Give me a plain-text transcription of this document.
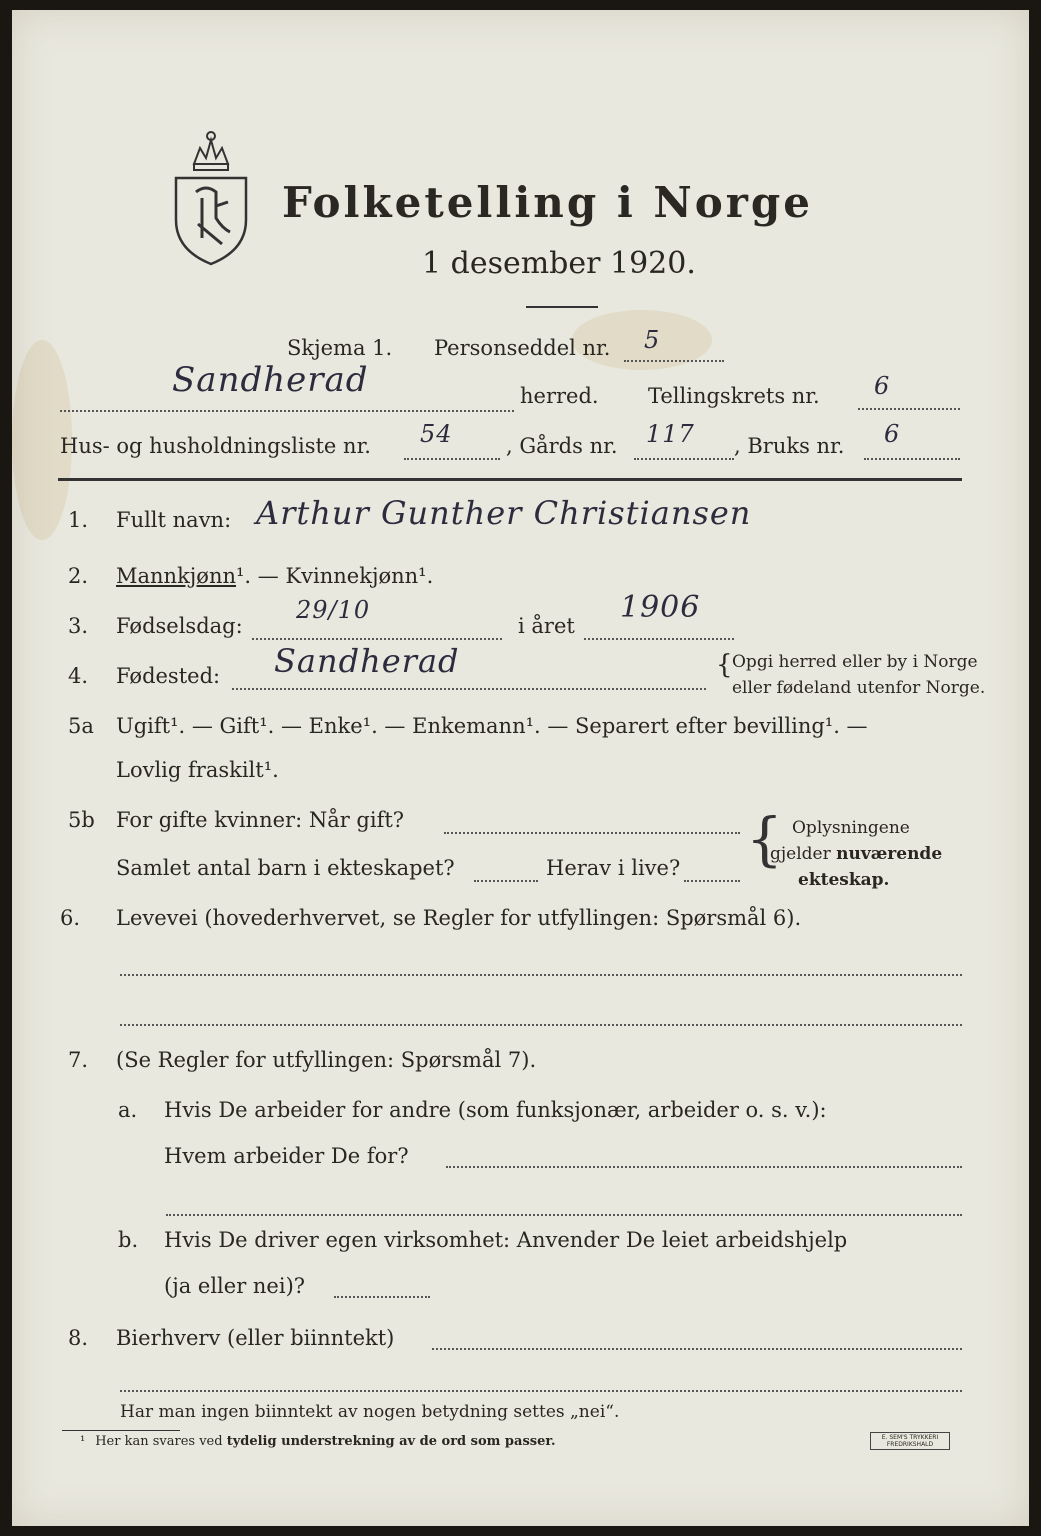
Folketelling i Norge
1 desember 1920.
Skjema 1. Personseddel nr. 5
Sandherad	herred. Tellingskrets nr. 6
Hus- og husholdningsliste nr. 54	, Gårds nr. 117 , Bruks nr. 6
1. Fullt navn: Arthur Gunther Christiansen
2. Mannkjønn¹. — Kvinnekjønn¹.
3. Fødselsdag:
29/10
i året
1906
4. Fødested: Sandherad	{ Opgi herred eller by i Norge
eller fødeland utenfor Norge.
5a Ugift¹. — Gift¹. — Enke¹. — Enkemann¹. — Separert efter bevilling¹. —
Lovlig fraskilt¹.
5b For gifte kvinner: Når gift?
Samlet antal barn i ekteskapet?	Herav i live? { Oplysningene
gjelder nuværende
ekteskap.
6. Levevei (hovederhvervet, se Regler for utfyllingen: Spørsmål 6).
7. (Se Regler for utfyllingen: Spørsmål 7).
a. Hvis De arbeider for andre (som funksjonær, arbeider o. s. v.):
Hvem arbeider De for?
b. Hvis De driver egen virksomhet: Anvender De leiet arbeidshjelp
(ja eller nei)?
8. Bierhverv (eller biinntekt)
Har man ingen biinntekt av nogen betydning settes „nei“.
¹ Her kan svares ved tydelig understrekning av de ord som passer.	E. SEM'S TRYKKERI FREDRIKSHALD
